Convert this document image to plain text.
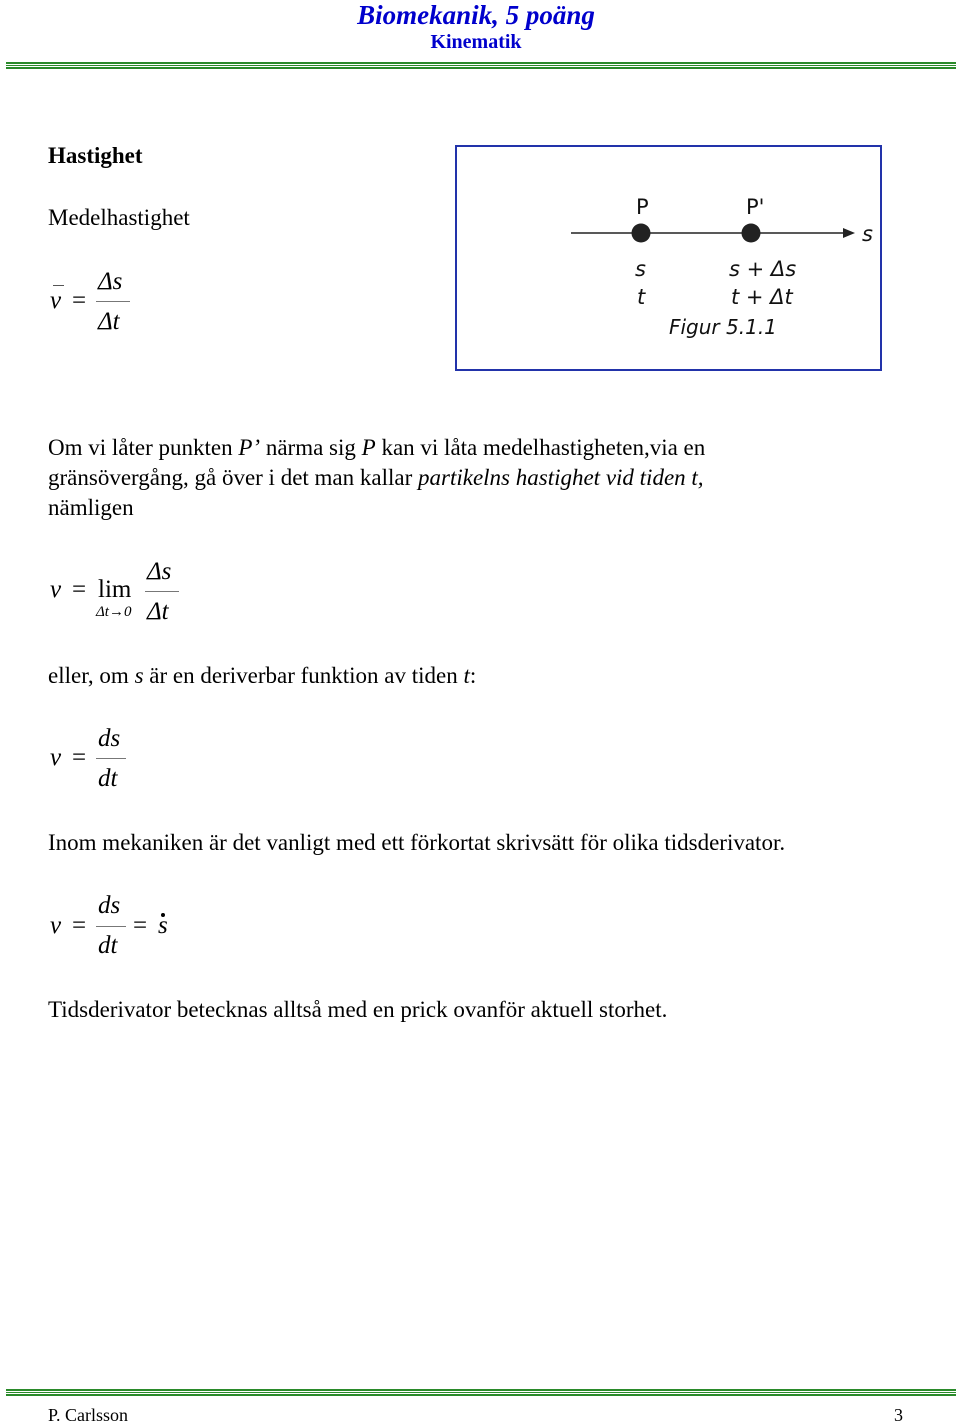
Biomekanik, 5 poäng
Kinematik
Hastighet
Medelhastighet
v =
Δs
Δt
P	P'
s
s
t
s + Δs
t + Δt
Figur 5.1.1
Om vi låter punkten P’ närma sig P kan vi låta medelhastigheten,via en
gränsövergång, gå över i det man kallar partikelns hastighet vid tiden t,
nämligen
v = lim
Δt→0
Δs
Δt
eller, om s är en deriverbar funktion av tiden t:
v =
ds
dt
Inom mekaniken är det vanligt med ett förkortat skrivsätt för olika tidsderivator.
v =
ds
dt
= s
Tidsderivator betecknas alltså med en prick ovanför aktuell storhet.
P. Carlsson	3
